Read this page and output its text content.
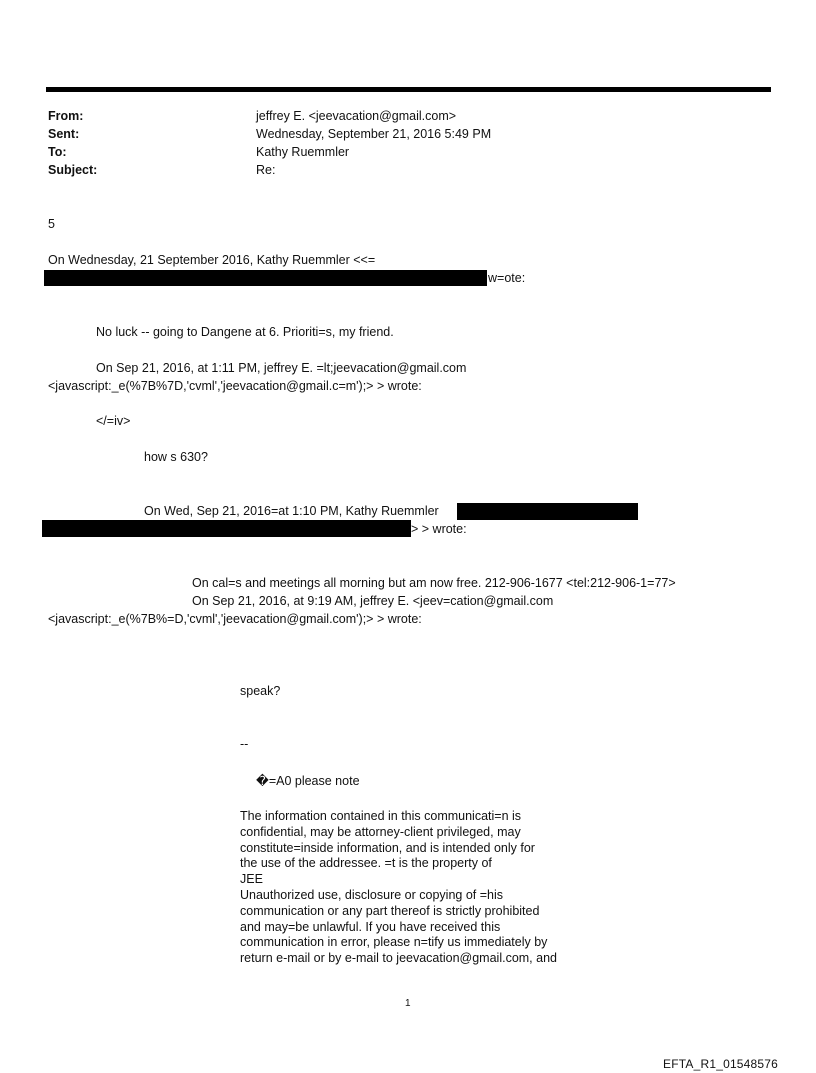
From:	jeffrey E. <jeevacation@gmail.com>
Sent:	Wednesday, September 21, 2016 5:49 PM
To:	Kathy Ruemmler
Subject:	Re:
5
On Wednesday, 21 September 2016, Kathy Ruemmler <<=
w=ote:
No luck -- going to Dangene at 6. Prioriti=s, my friend.
On Sep 21, 2016, at 1:11 PM, jeffrey E. =lt;jeevacation@gmail.com
<javascript:_e(%7B%7D,'cvml','jeevacation@gmail.c=m');> > wrote:
</=iv>
how s 630?
On Wed, Sep 21, 2016=at 1:10 PM, Kathy Ruemmler
> > wrote:
On cal=s and meetings all morning but am now free. 212-906-1677 <tel:212-906-1=77>
On Sep 21, 2016, at 9:19 AM, jeffrey E. <jeev=cation@gmail.com
<javascript:_e(%7B%=D,'cvml','jeevacation@gmail.com');> > wrote:
speak?
--
�=A0 please note
The information contained in this communicati=n is
confidential, may be attorney-client privileged, may
constitute=inside information, and is intended only for
the use of the addressee. =t is the property of
JEE
Unauthorized use, disclosure or copying of =his
communication or any part thereof is strictly prohibited
and may=be unlawful. If you have received this
communication in error, please n=tify us immediately by
return e-mail or by e-mail to jeevacation@gmail.com, and
1
EFTA_R1_01548576
